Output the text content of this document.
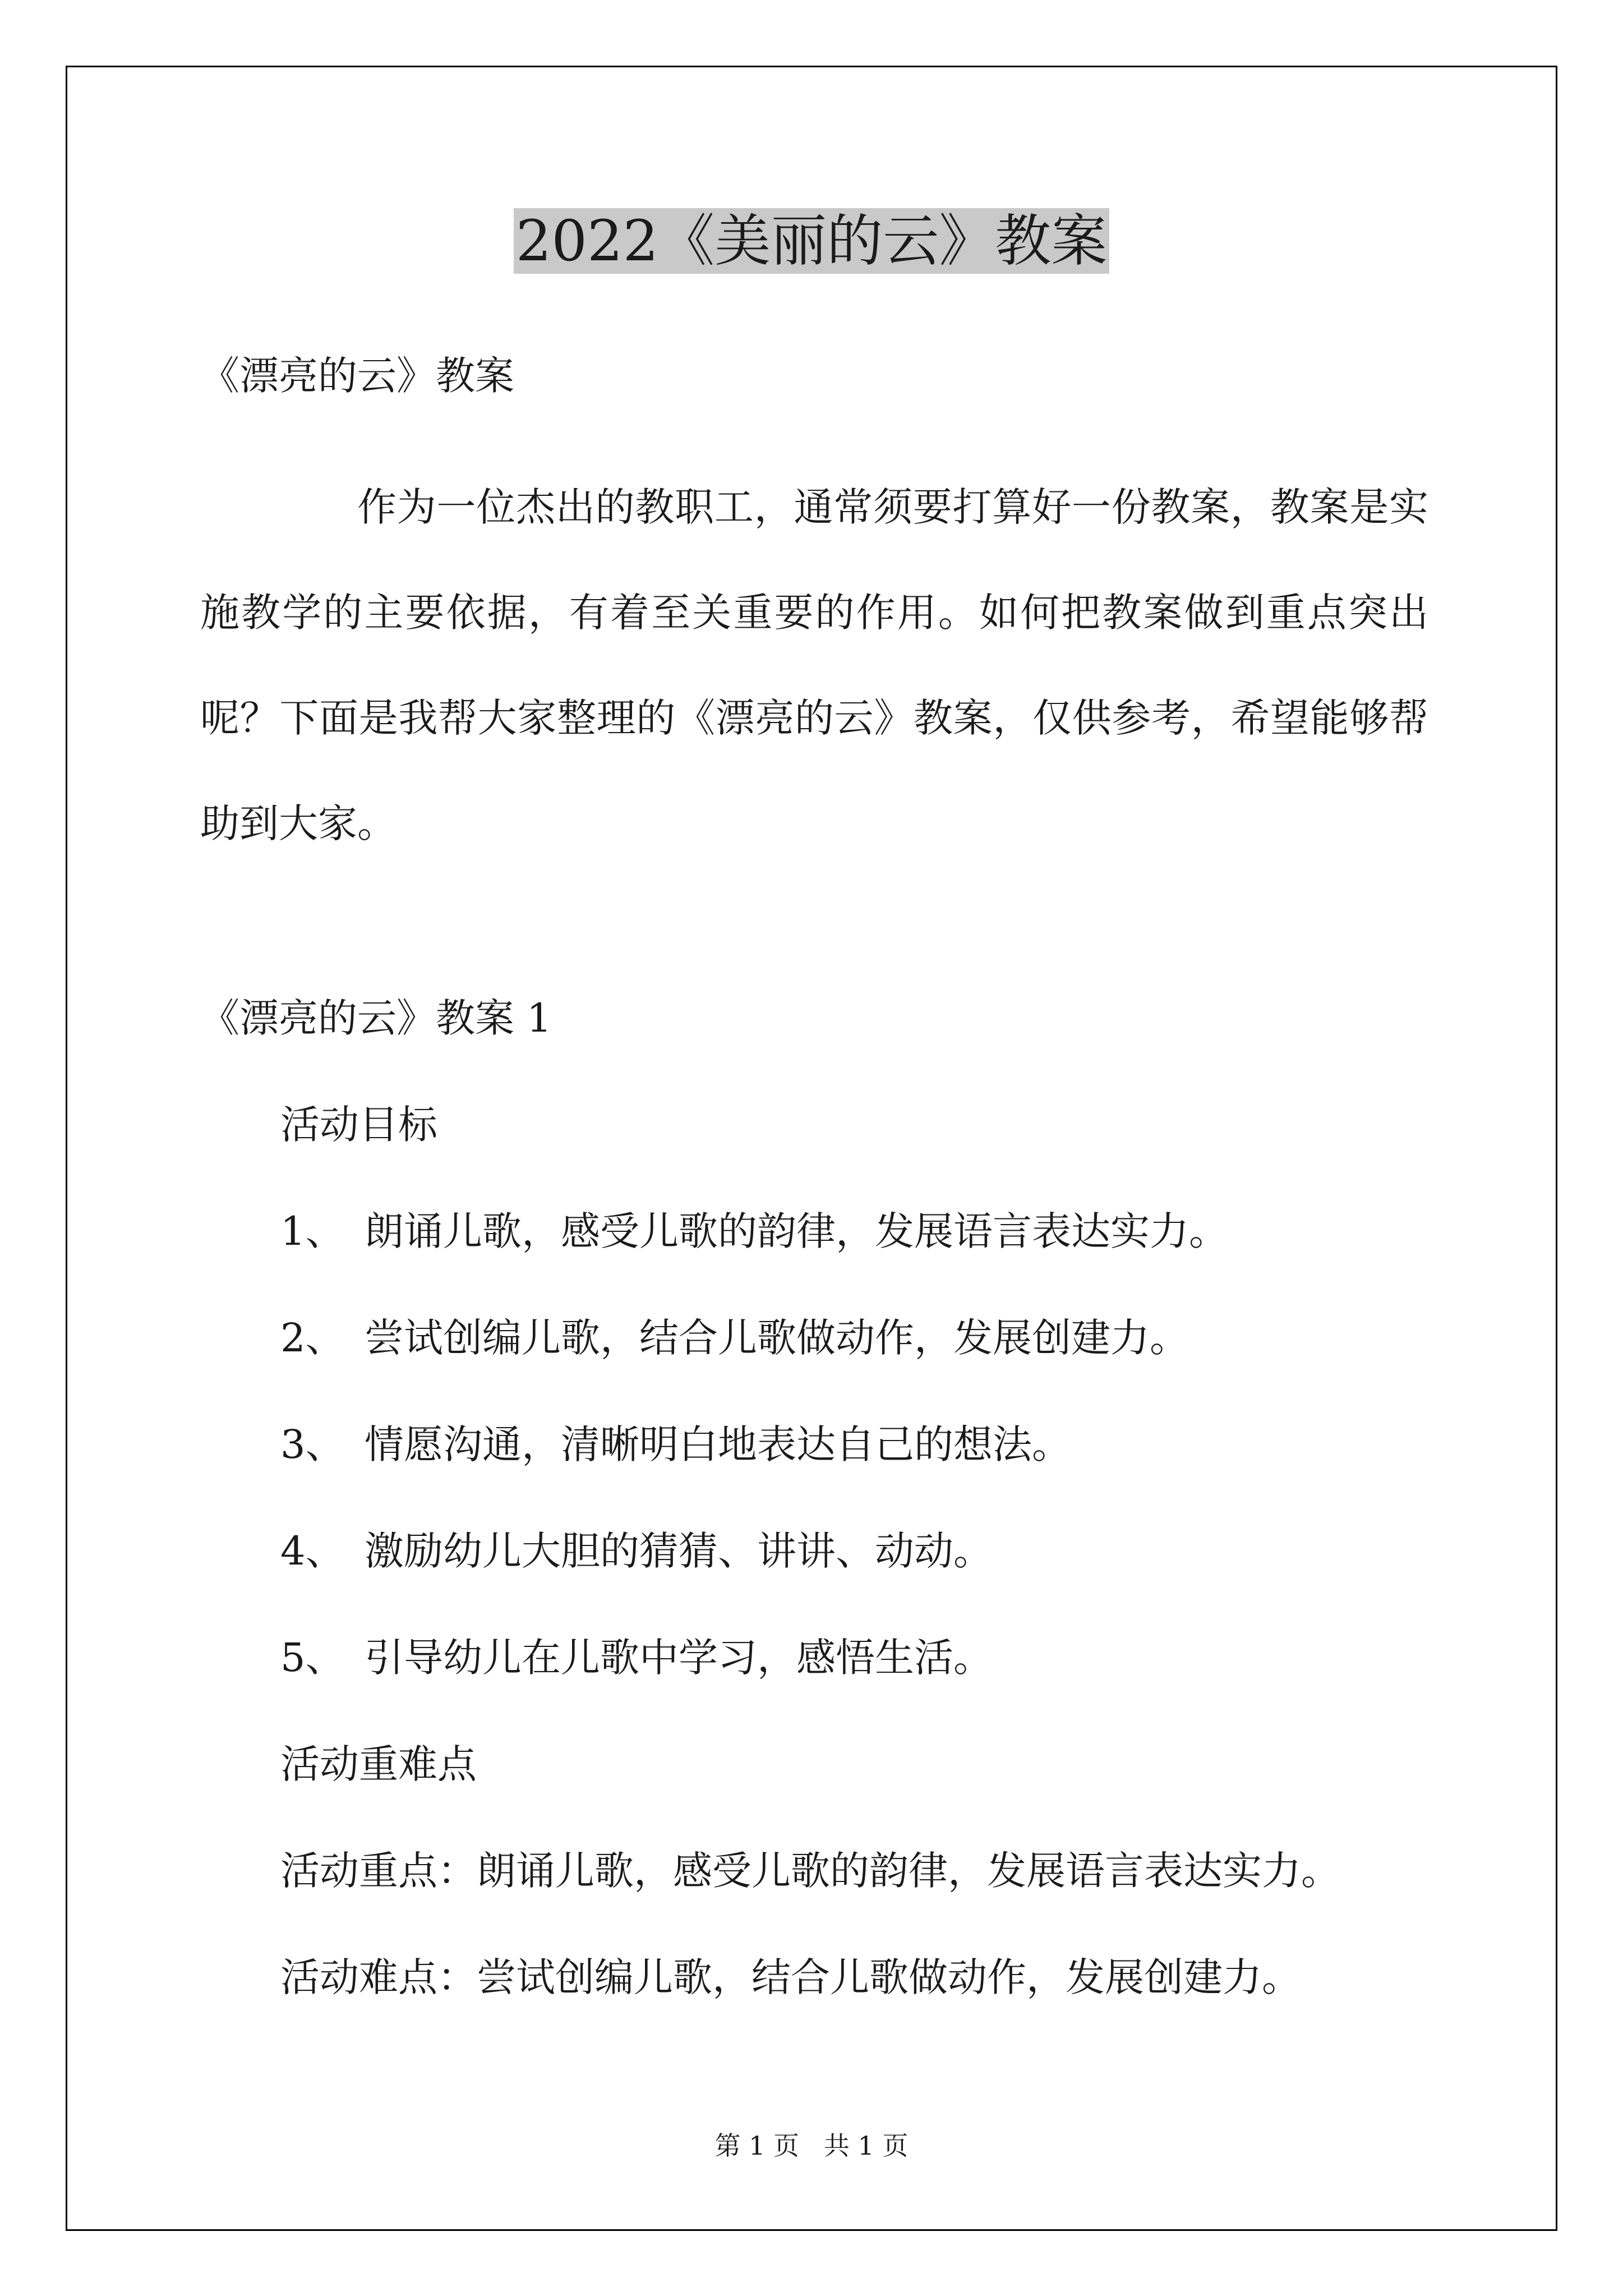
2022《美丽的云》教案
《漂亮的云》教案
作为一位杰出的教职工，通常须要打算好一份教案，教案是实施教学的主要依据，有着至关重要的作用。如何把教案做到重点突出呢？下面是我帮大家整理的《漂亮的云》教案，仅供参考，希望能够帮助到大家。
《漂亮的云》教案 1
活动目标
1、 朗诵儿歌，感受儿歌的韵律，发展语言表达实力。
2、 尝试创编儿歌，结合儿歌做动作，发展创建力。
3、 情愿沟通，清晰明白地表达自己的想法。
4、 激励幼儿大胆的猜猜、讲讲、动动。
5、 引导幼儿在儿歌中学习，感悟生活。
活动重难点
活动重点：朗诵儿歌，感受儿歌的韵律，发展语言表达实力。
活动难点：尝试创编儿歌，结合儿歌做动作，发展创建力。
第 1 页   共 1 页
